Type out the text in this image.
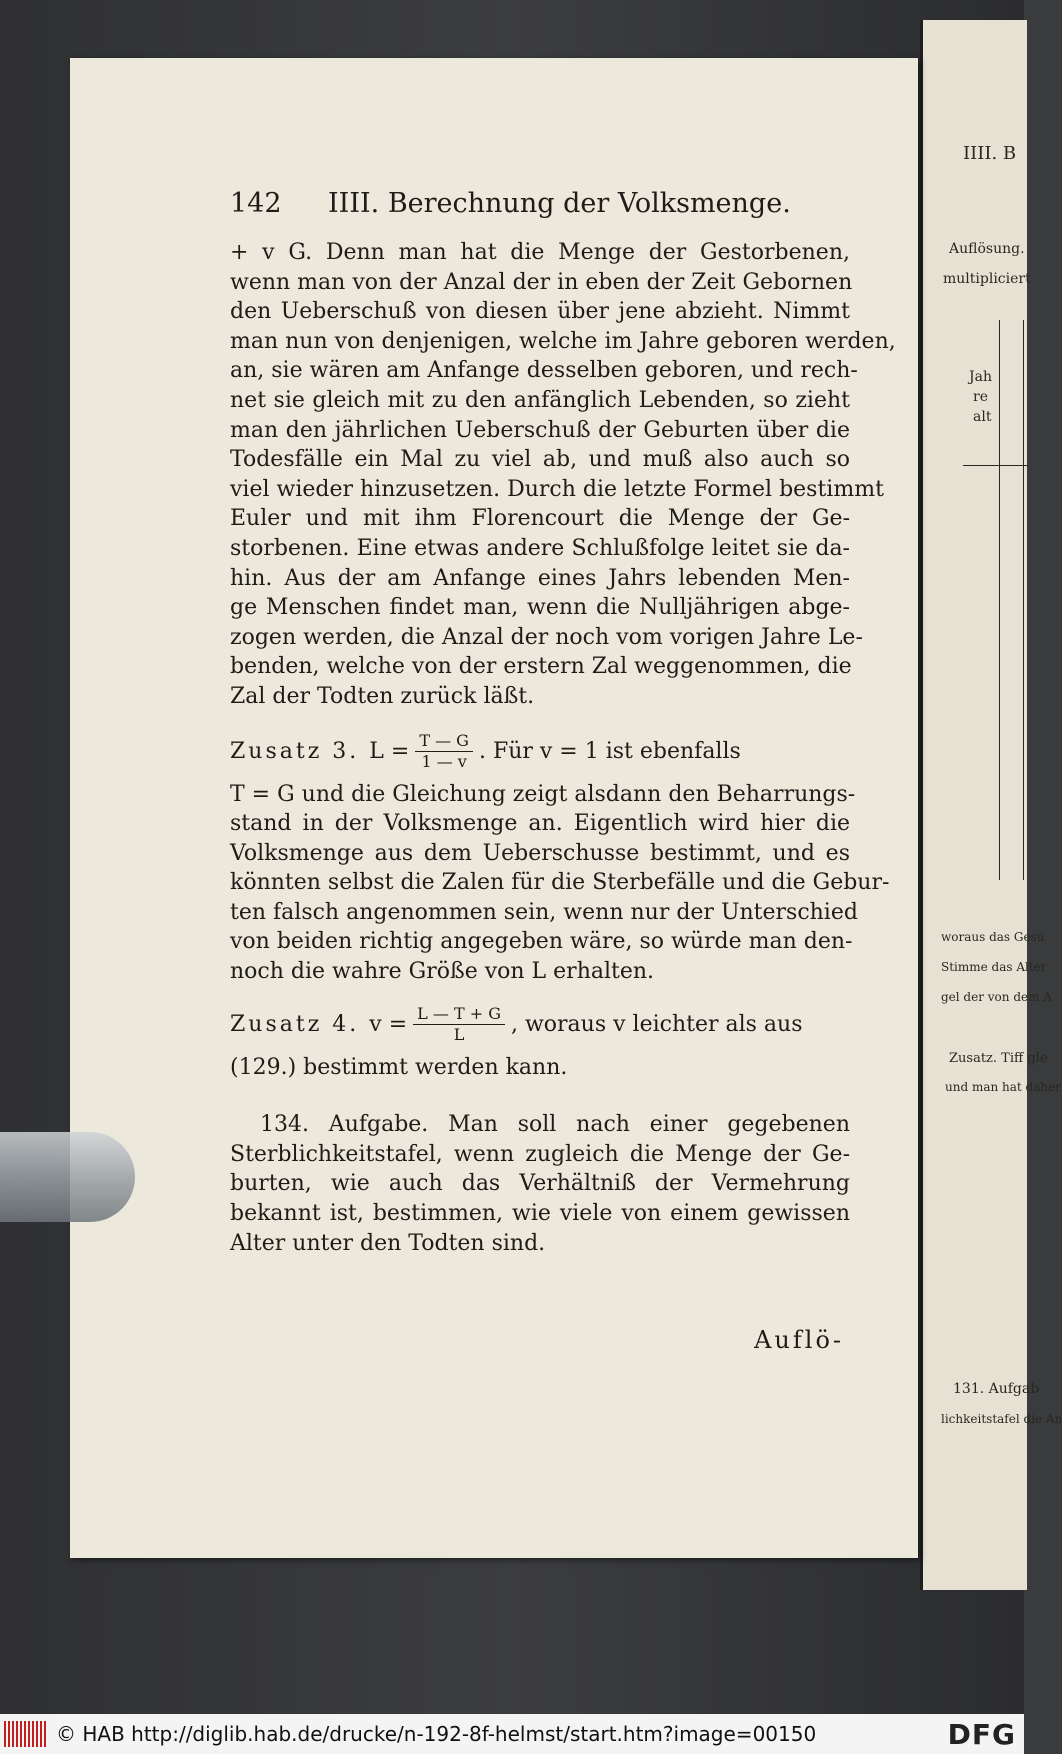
IIII. B
Auflösung.
multipliciert
Jah
re
alt
woraus das Gesu
Stimme das Alter
gel der von dem A
Zusatz. Tiff gle
und man hat daher
131. Aufgab
lichkeitstafel die An
142	IIII. Berechnung der Volksmenge.
+ v G. Denn man hat die Menge der Gestorbenen,
wenn man von der Anzal der in eben der Zeit Gebornen
den Ueberschuß von diesen über jene abzieht. Nimmt
man nun von denjenigen, welche im Jahre geboren werden,
an, sie wären am Anfange desselben geboren, und rech-
net sie gleich mit zu den anfänglich Lebenden, so zieht
man den jährlichen Ueberschuß der Geburten über die
Todesfälle ein Mal zu viel ab, und muß also auch so
viel wieder hinzusetzen. Durch die letzte Formel bestimmt
Euler und mit ihm Florencourt die Menge der Ge-
storbenen. Eine etwas andere Schlußfolge leitet sie da-
hin. Aus der am Anfange eines Jahrs lebenden Men-
ge Menschen findet man, wenn die Nulljährigen abge-
zogen werden, die Anzal der noch vom vorigen Jahre Le-
benden, welche von der erstern Zal weggenommen, die
Zal der Todten zurück läßt.
Zusatz 3. $L = \frac{T — G}{1 — v}$ . Für v = 1 ist ebenfalls
T = G und die Gleichung zeigt alsdann den Beharrungs-
stand in der Volksmenge an. Eigentlich wird hier die
Volksmenge aus dem Ueberschusse bestimmt, und es
könnten selbst die Zalen für die Sterbefälle und die Gebur-
ten falsch angenommen sein, wenn nur der Unterschied
von beiden richtig angegeben wäre, so würde man den-
noch die wahre Größe von L erhalten.
Zusatz 4. $v = \frac{L — T + G}{L}$ , woraus v leichter als aus
(129.) bestimmt werden kann.
134. Aufgabe. Man soll nach einer gegebenen
Sterblichkeitstafel, wenn zugleich die Menge der Ge-
burten, wie auch das Verhältniß der Vermehrung
bekannt ist, bestimmen, wie viele von einem gewissen
Alter unter den Todten sind.
Auflö-
© HAB http://diglib.hab.de/drucke/n-192-8f-helmst/start.htm?image=00150	DFG
